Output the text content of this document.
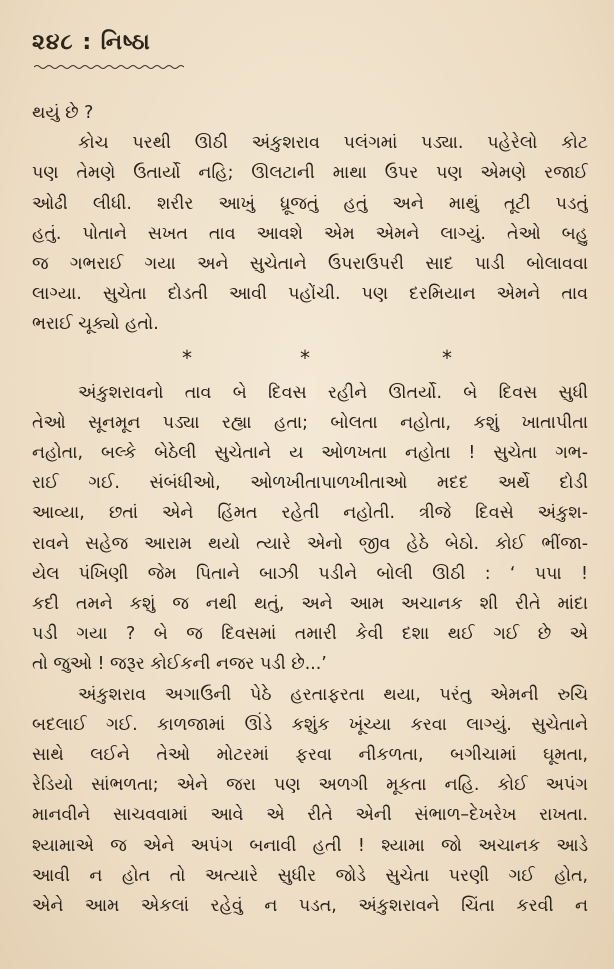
૨૪૮ : નિષ્ઠા
થયું છે ?
કોચ પરથી ઊઠી અંકુશરાવ પલંગમાં પડ્યા. પહેરેલો કોટ
પણ તેમણે ઉતાર્યો નહિ; ઊલટાની માથા ઉપર પણ એમણે રજાઈ
ઓઢી લીધી. શરીર આખું ધ્રૂજતું હતું અને માથું તૂટી પડતું
હતું. પોતાને સખત તાવ આવશે એમ એમને લાગ્યું. તેઓ બહુ
જ ગભરાઈ ગયા અને સુચેતાને ઉપરાઉપરી સાદ પાડી બોલાવવા
લાગ્યા. સુચેતા દોડતી આવી પહોંચી. પણ દરમિયાન એમને તાવ
ભરાઈ ચૂક્યો હતો.
*	*	*
અંકુશરાવનો તાવ બે દિવસ રહીને ઊતર્યો. બે દિવસ સુધી
તેઓ સૂનમૂન પડ્યા રહ્યા હતા; બોલતા નહોતા, કશું ખાતાપીતા
નહોતા, બલ્કે બેઠેલી સુચેતાને ય ઓળખતા નહોતા ! સુચેતા ગભ-
રાઈ ગઈ. સંબંધીઓ, ઓળખીતાપાળખીતાઓ મદદ અર્થે દોડી
આવ્યા, છતાં એને હિંમત રહેતી નહોતી. ત્રીજે દિવસે અંકુશ-
રાવને સહેજ આરામ થયો ત્યારે એનો જીવ હેઠે બેઠો. કોઈ ભીંજા-
યેલ પંખિણી જેમ પિતાને બાઝી પડીને બોલી ઊઠી : ‘ પપા !
કદી તમને કશું જ નથી થતું, અને આમ અચાનક શી રીતે માંદા
પડી ગયા ? બે જ દિવસમાં તમારી કેવી દશા થઈ ગઈ છે એ
તો જુઓ ! જરૂર કોઈકની નજર પડી છે...’
અંકુશરાવ અગાઉની પેઠે હરતાફરતા થયા, પરંતુ એમની રુચિ
બદલાઈ ગઈ. કાળજામાં ઊંડે કશુંક ખૂંચ્યા કરવા લાગ્યું. સુચેતાને
સાથે લઈને તેઓ મોટરમાં ફરવા નીકળતા, બગીચામાં ઘૂમતા,
રેડિયો સાંભળતા; એને જરા પણ અળગી મૂકતા નહિ. કોઈ અપંગ
માનવીને સાચવવામાં આવે એ રીતે એની સંભાળ–દેખરેખ રાખતા.
શ્યામાએ જ એને અપંગ બનાવી હતી ! શ્યામા જો અચાનક આડે
આવી ન હોત તો અત્યારે સુધીર જોડે સુચેતા પરણી ગઈ હોત,
એને આમ એકલાં રહેવું ન પડત, અંકુશરાવને ચિંતા કરવી ન
